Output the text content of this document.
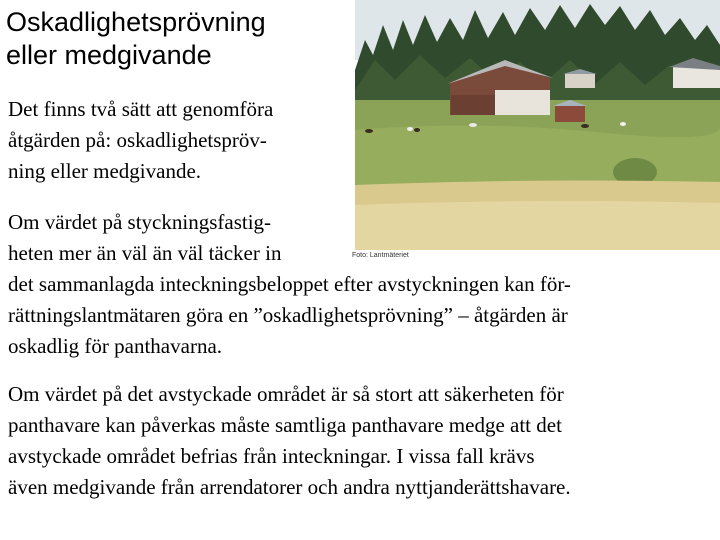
Oskadlighetsprövning
eller medgivande
Foto: Lantmäteriet
Det finns två sätt att genomföra
åtgärden på: oskadlighetspröv-
ning eller medgivande.
Om värdet på styckningsfastig-
heten mer än väl än väl täcker in
det sammanlagda inteckningsbeloppet efter avstyckningen kan för-
rättningslantmätaren göra en ”oskadlighetsprövning” – åtgärden är
oskadlig för panthavarna.
Om värdet på det avstyckade området är så stort att säkerheten för
panthavare kan påverkas måste samtliga panthavare medge att det
avstyckade området befrias från inteckningar. I vissa fall krävs
även medgivande från arrendatorer och andra nyttjanderättshavare.
